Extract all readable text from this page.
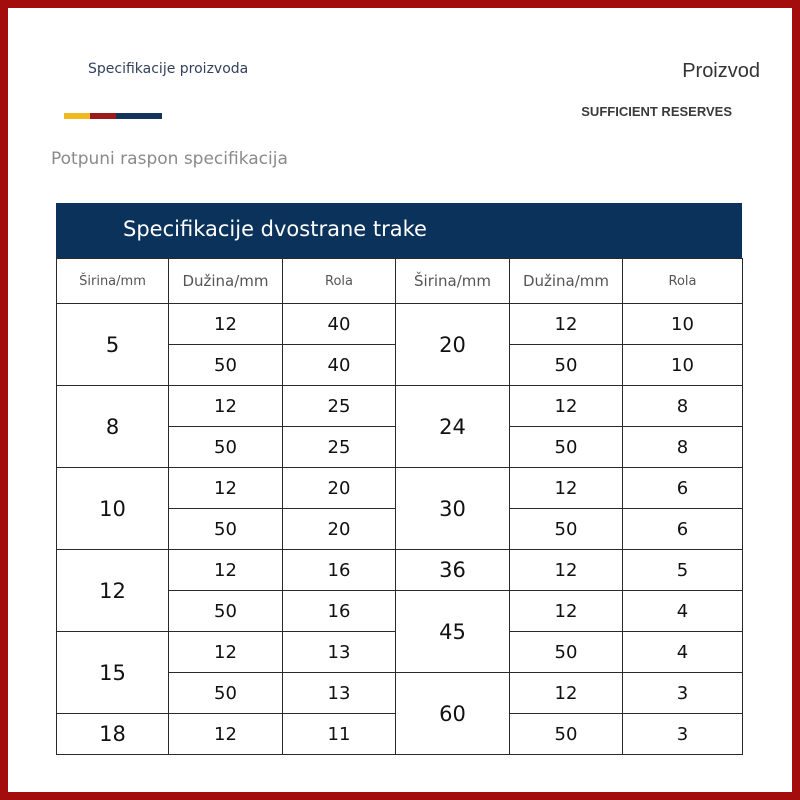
Specifikacije proizvoda	Proizvod
SUFFICIENT RESERVES
Potpuni raspon specifikacija
Specifikacije dvostrane trake
Širina/mm	Dužina/mm	Rola	Širina/mm	Dužina/mm	Rola
5	12	40	20	12	10
	50	40		50	10
8	12	25	24	12	8
	50	25		50	8
10	12	20	30	12	6
	50	20		50	6
12	12	16	36	12	5
	50	16	45	12	4
15	12	13		50	4
	50	13	60	12	3
18	12	11		50	3
